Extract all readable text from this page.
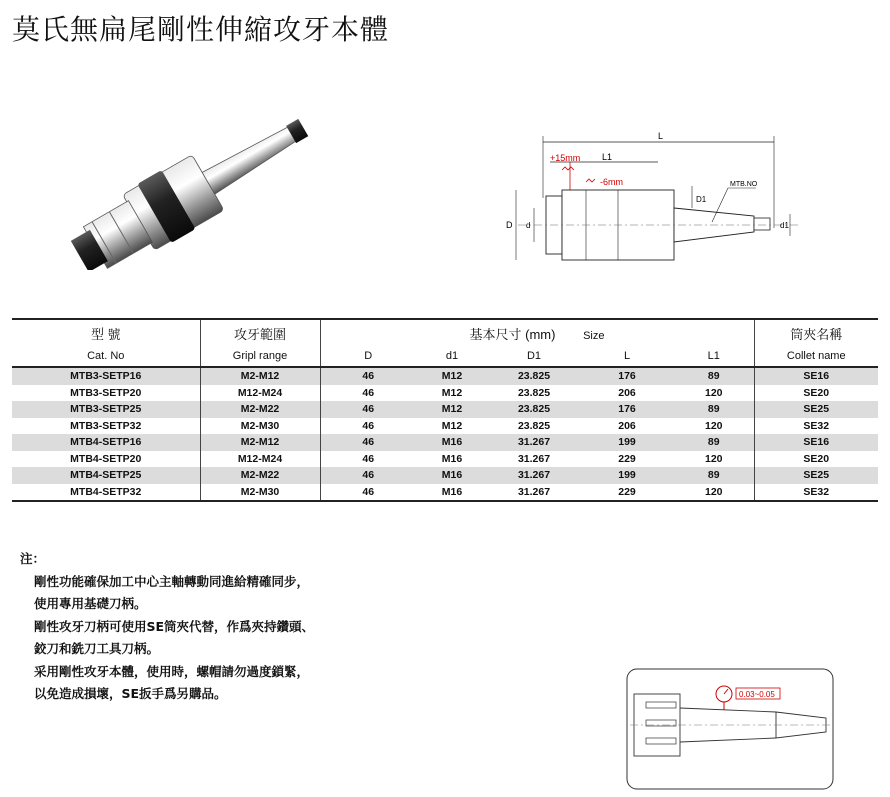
莫氏無扁尾剛性伸縮攻牙本體
L
L1
+15mm
-6mm
D d
D1
MTB.NO
d1
型 號	攻牙範圍	基本尺寸 (mm) Size					筒夾名稱
Cat. No	Gripl range	D	d1	D1	L	L1	Collet name
MTB3-SETP16	M2-M12	46	M12	23.825	176	89	SE16
MTB3-SETP20	M12-M24	46	M12	23.825	206	120	SE20
MTB3-SETP25	M2-M22	46	M12	23.825	176	89	SE25
MTB3-SETP32	M2-M30	46	M12	23.825	206	120	SE32
MTB4-SETP16	M2-M12	46	M16	31.267	199	89	SE16
MTB4-SETP20	M12-M24	46	M16	31.267	229	120	SE20
MTB4-SETP25	M2-M22	46	M16	31.267	199	89	SE25
MTB4-SETP32	M2-M30	46	M16	31.267	229	120	SE32
注：
剛性功能確保加工中心主軸轉動同進給精確同步，
使用專用基礎刀柄。
剛性攻牙刀柄可使用SE筒夾代替，作爲夾持鑽頭、
鉸刀和銑刀工具刀柄。
采用剛性攻牙本體，使用時，螺帽請勿過度鎖緊，
以免造成損壞，SE扳手爲另購品。	0.03~0.05
